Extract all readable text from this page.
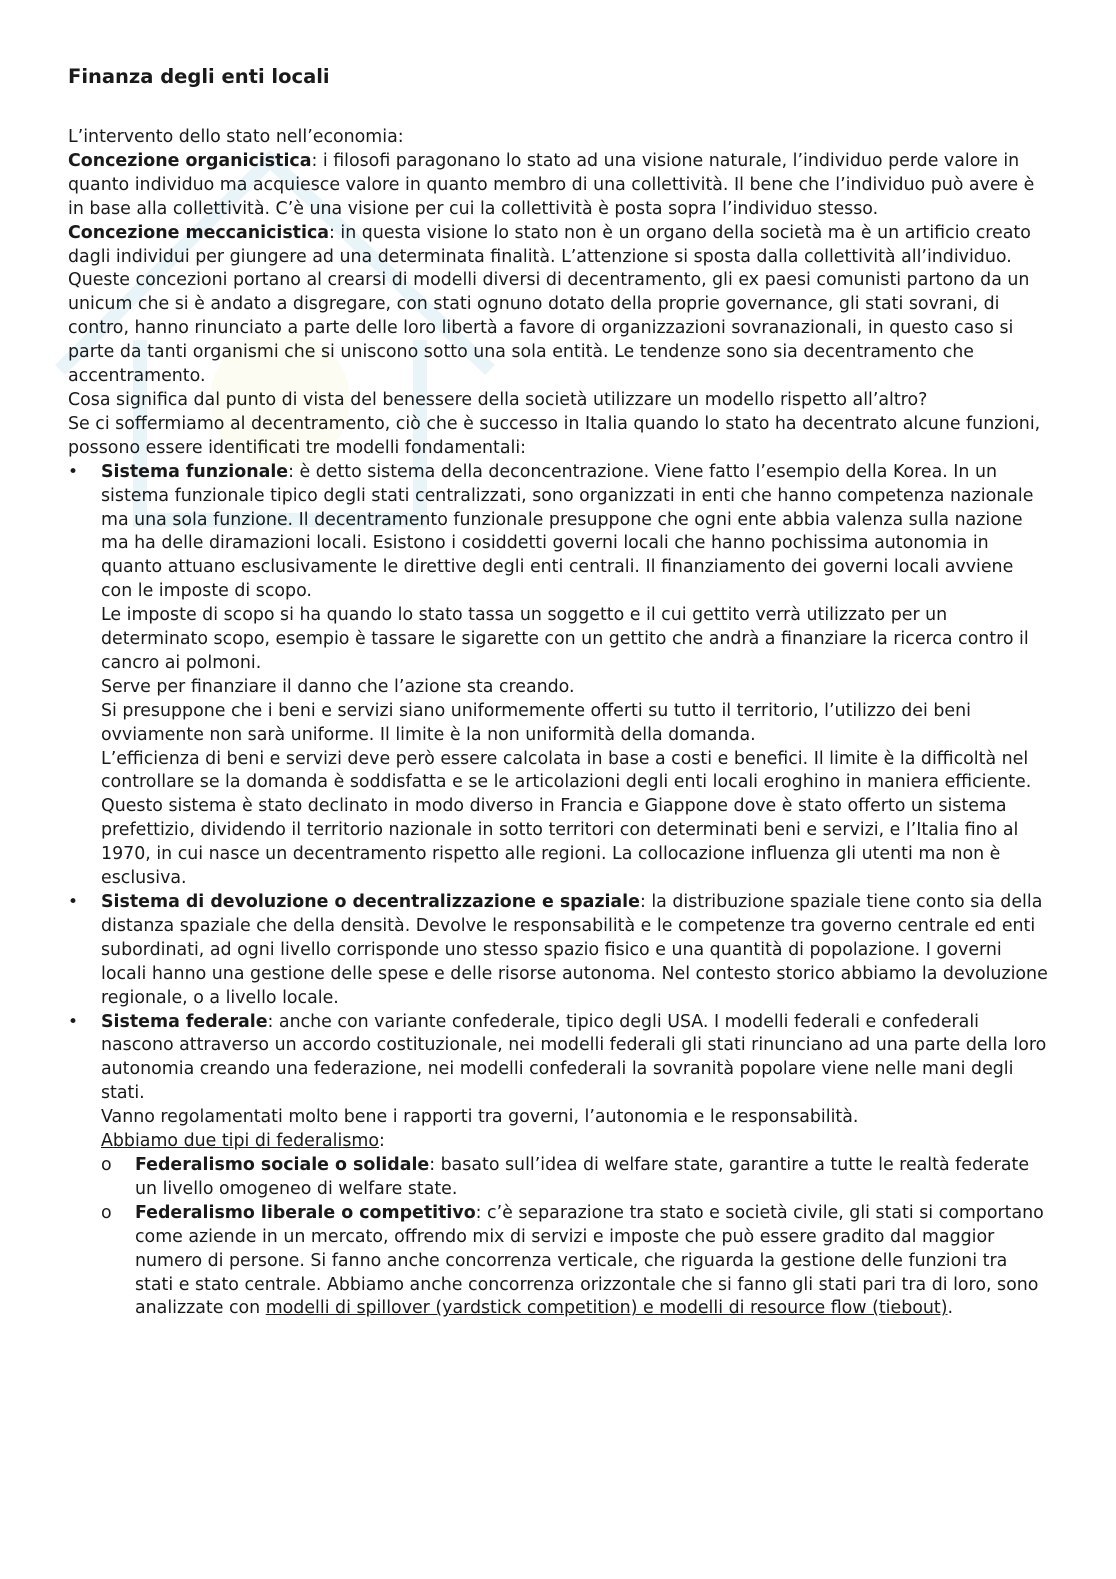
Finanza degli enti locali

L’intervento dello stato nell’economia:

Concezione organicistica: i filosofi paragonano lo stato ad una visione naturale, l’individuo perde valore in quanto individuo ma acquiesce valore in quanto membro di una collettività. Il bene che l’individuo può avere è in base alla collettività. C’è una visione per cui la collettività è posta sopra l’individuo stesso.

Concezione meccanicistica: in questa visione lo stato non è un organo della società ma è un artificio creato dagli individui per giungere ad una determinata finalità. L’attenzione si sposta dalla collettività all’individuo.

Queste concezioni portano al crearsi di modelli diversi di decentramento, gli ex paesi comunisti partono da un unicum che si è andato a disgregare, con stati ognuno dotato della proprie governance, gli stati sovrani, di contro, hanno rinunciato a parte delle loro libertà a favore di organizzazioni sovranazionali, in questo caso si parte da tanti organismi che si uniscono sotto una sola entità. Le tendenze sono sia decentramento che accentramento.

Cosa significa dal punto di vista del benessere della società utilizzare un modello rispetto all’altro?

Se ci soffermiamo al decentramento, ciò che è successo in Italia quando lo stato ha decentrato alcune funzioni, possono essere identificati tre modelli fondamentali:

• Sistema funzionale: è detto sistema della deconcentrazione. Viene fatto l’esempio della Korea. In un sistema funzionale tipico degli stati centralizzati, sono organizzati in enti che hanno competenza nazionale ma una sola funzione. Il decentramento funzionale presuppone che ogni ente abbia valenza sulla nazione ma ha delle diramazioni locali. Esistono i cosiddetti governi locali che hanno pochissima autonomia in quanto attuano esclusivamente le direttive degli enti centrali. Il finanziamento dei governi locali avviene con le imposte di scopo.

Le imposte di scopo si ha quando lo stato tassa un soggetto e il cui gettito verrà utilizzato per un determinato scopo, esempio è tassare le sigarette con un gettito che andrà a finanziare la ricerca contro il cancro ai polmoni.

Serve per finanziare il danno che l’azione sta creando.

Si presuppone che i beni e servizi siano uniformemente offerti su tutto il territorio, l’utilizzo dei beni ovviamente non sarà uniforme. Il limite è la non uniformità della domanda.

L’efficienza di beni e servizi deve però essere calcolata in base a costi e benefici. Il limite è la difficoltà nel controllare se la domanda è soddisfatta e se le articolazioni degli enti locali eroghino in maniera efficiente.

Questo sistema è stato declinato in modo diverso in Francia e Giappone dove è stato offerto un sistema prefettizio, dividendo il territorio nazionale in sotto territori con determinati beni e servizi, e l’Italia fino al 1970, in cui nasce un decentramento rispetto alle regioni. La collocazione influenza gli utenti ma non è esclusiva.

• Sistema di devoluzione o decentralizzazione e spaziale: la distribuzione spaziale tiene conto sia della distanza spaziale che della densità. Devolve le responsabilità e le competenze tra governo centrale ed enti subordinati, ad ogni livello corrisponde uno stesso spazio fisico e una quantità di popolazione. I governi locali hanno una gestione delle spese e delle risorse autonoma. Nel contesto storico abbiamo la devoluzione regionale, o a livello locale.

• Sistema federale: anche con variante confederale, tipico degli USA. I modelli federali e confederali nascono attraverso un accordo costituzionale, nei modelli federali gli stati rinunciano ad una parte della loro autonomia creando una federazione, nei modelli confederali la sovranità popolare viene nelle mani degli stati.

Vanno regolamentati molto bene i rapporti tra governi, l’autonomia e le responsabilità.

Abbiamo due tipi di federalismo:

o Federalismo sociale o solidale: basato sull’idea di welfare state, garantire a tutte le realtà federate un livello omogeneo di welfare state.
o Federalismo liberale o competitivo: c’è separazione tra stato e società civile, gli stati si comportano come aziende in un mercato, offrendo mix di servizi e imposte che può essere gradito dal maggior numero di persone. Si fanno anche concorrenza verticale, che riguarda la gestione delle funzioni tra stati e stato centrale. Abbiamo anche concorrenza orizzontale che si fanno gli stati pari tra di loro, sono analizzate con modelli di spillover (yardstick competition) e modelli di resource flow (tiebout).
